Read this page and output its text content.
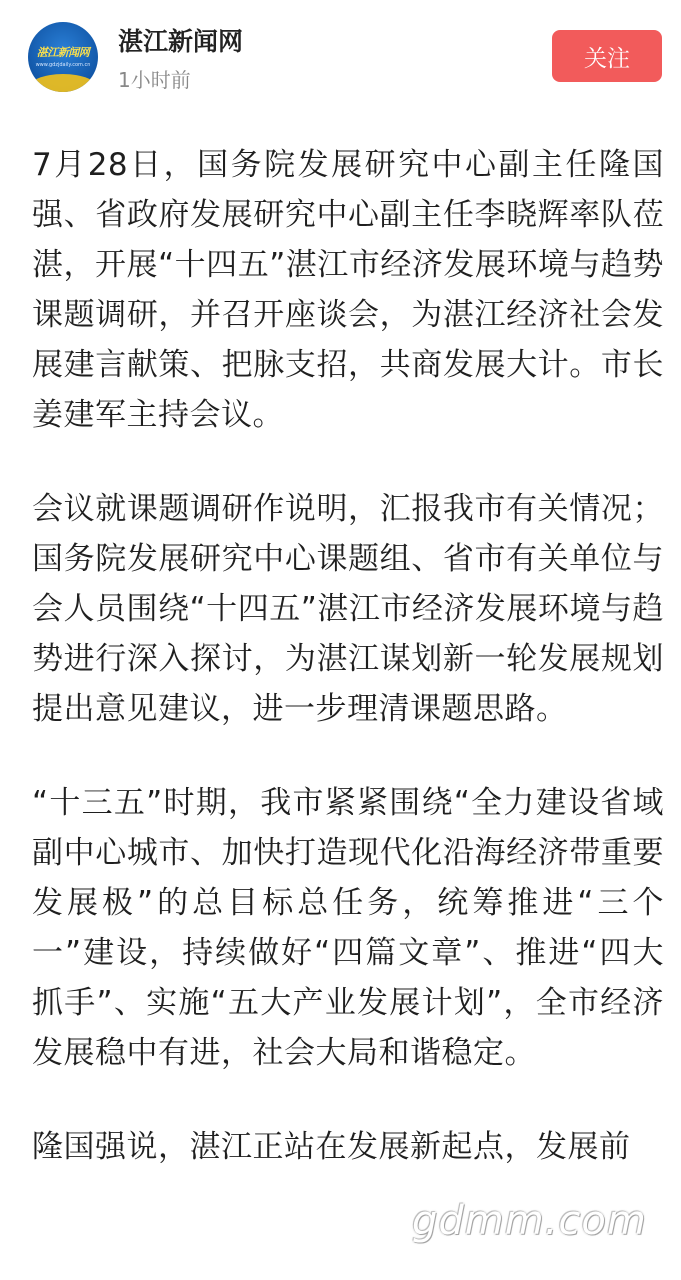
湛江新闻网
www.gdzjdaily.com.cn
湛江新闻网
1小时前
关注

7月28日，国务院发展研究中心副主任隆国强、省政府发展研究中心副主任李晓辉率队莅湛，开展“十四五”湛江市经济发展环境与趋势课题调研，并召开座谈会，为湛江经济社会发展建言献策、把脉支招，共商发展大计。市长姜建军主持会议。

会议就课题调研作说明，汇报我市有关情况；国务院发展研究中心课题组、省市有关单位与会人员围绕“十四五”湛江市经济发展环境与趋势进行深入探讨，为湛江谋划新一轮发展规划提出意见建议，进一步理清课题思路。

“十三五”时期，我市紧紧围绕“全力建设省域副中心城市、加快打造现代化沿海经济带重要发展极”的总目标总任务，统筹推进“三个一”建设，持续做好“四篇文章”、推进“四大抓手”、实施“五大产业发展计划”，全市经济发展稳中有进，社会大局和谐稳定。

隆国强说，湛江正站在发展新起点，发展前

gdmm.com
